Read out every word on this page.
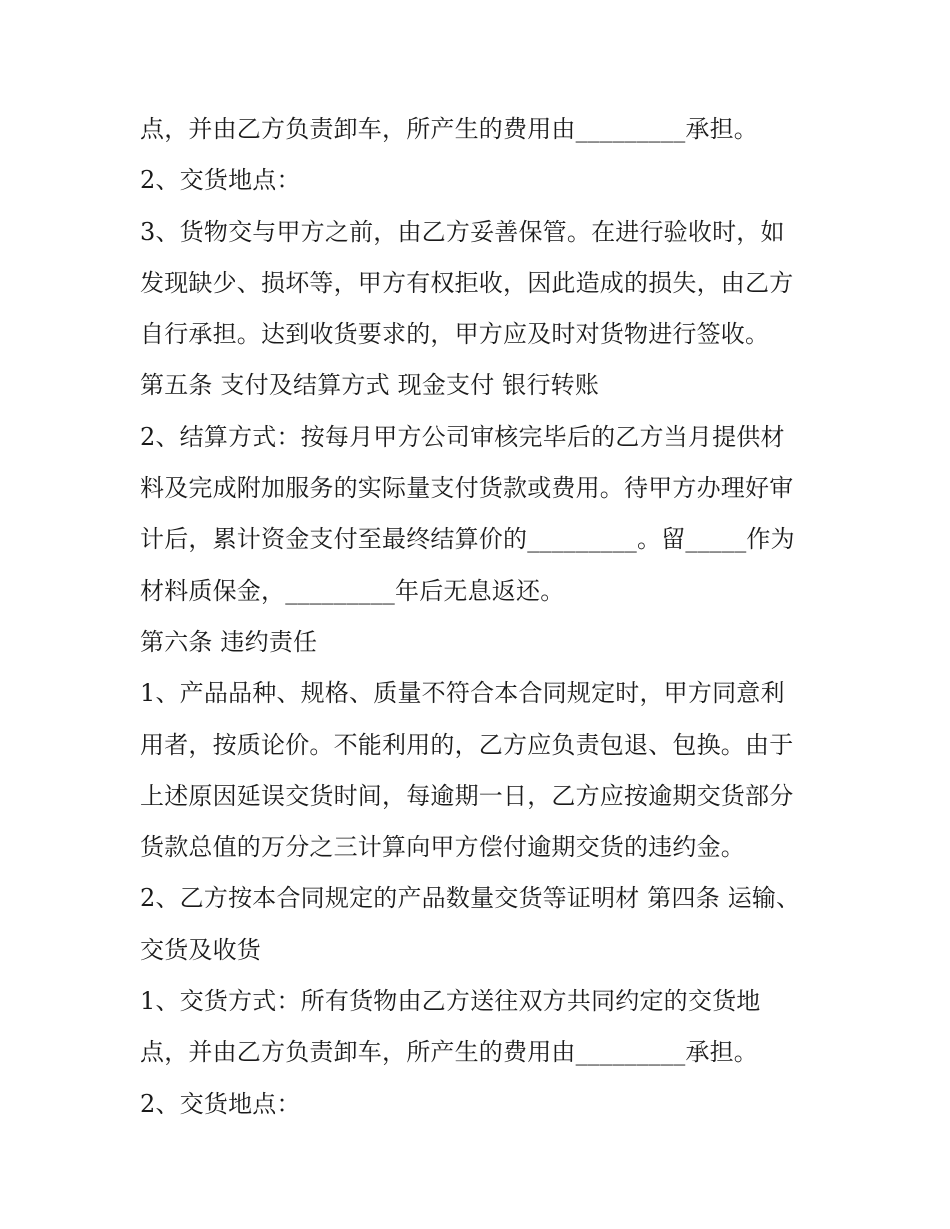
点，并由乙方负责卸车，所产生的费用由_________承担。
2、交货地点：
3、货物交与甲方之前，由乙方妥善保管。在进行验收时，如
发现缺少、损坏等，甲方有权拒收，因此造成的损失，由乙方
自行承担。达到收货要求的，甲方应及时对货物进行签收。
第五条 支付及结算方式 现金支付 银行转账
2、结算方式：按每月甲方公司审核完毕后的乙方当月提供材
料及完成附加服务的实际量支付货款或费用。待甲方办理好审
计后，累计资金支付至最终结算价的_________。留_____作为
材料质保金，_________年后无息返还。
第六条 违约责任
1、产品品种、规格、质量不符合本合同规定时，甲方同意利
用者，按质论价。不能利用的，乙方应负责包退、包换。由于
上述原因延误交货时间，每逾期一日，乙方应按逾期交货部分
货款总值的万分之三计算向甲方偿付逾期交货的违约金。
2、乙方按本合同规定的产品数量交货等证明材 第四条 运输、
交货及收货
1、交货方式：所有货物由乙方送往双方共同约定的交货地
点，并由乙方负责卸车，所产生的费用由_________承担。
2、交货地点：
